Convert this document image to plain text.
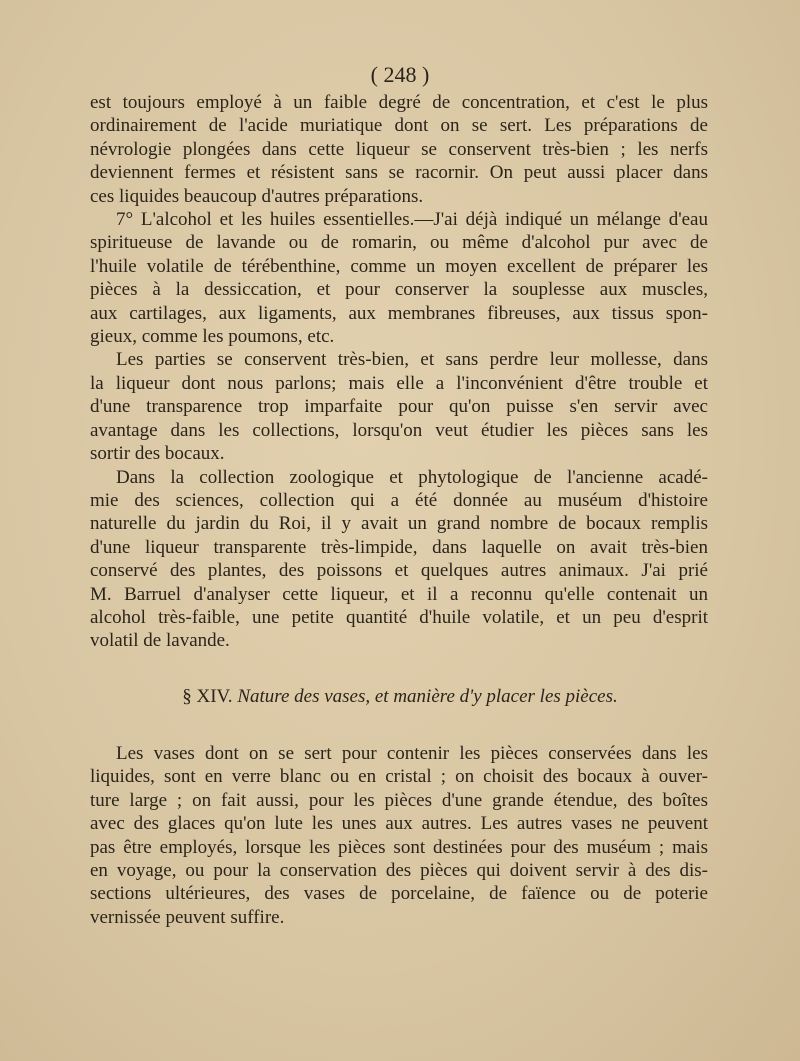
( 248 )
est toujours employé à un faible degré de concentration, et c'est le plus
ordinairement de l'acide muriatique dont on se sert. Les préparations de
névrologie plongées dans cette liqueur se conservent très-bien ; les nerfs
deviennent fermes et résistent sans se racornir. On peut aussi placer dans
ces liquides beaucoup d'autres préparations.
7° L'alcohol et les huiles essentielles.—J'ai déjà indiqué un mélange d'eau
spiritueuse de lavande ou de romarin, ou même d'alcohol pur avec de
l'huile volatile de térébenthine, comme un moyen excellent de préparer les
pièces à la dessiccation, et pour conserver la souplesse aux muscles,
aux cartilages, aux ligaments, aux membranes fibreuses, aux tissus spon-
gieux, comme les poumons, etc.
Les parties se conservent très-bien, et sans perdre leur mollesse, dans
la liqueur dont nous parlons; mais elle a l'inconvénient d'être trouble et
d'une transparence trop imparfaite pour qu'on puisse s'en servir avec
avantage dans les collections, lorsqu'on veut étudier les pièces sans les
sortir des bocaux.
Dans la collection zoologique et phytologique de l'ancienne acadé-
mie des sciences, collection qui a été donnée au muséum d'histoire
naturelle du jardin du Roi, il y avait un grand nombre de bocaux remplis
d'une liqueur transparente très-limpide, dans laquelle on avait très-bien
conservé des plantes, des poissons et quelques autres animaux. J'ai prié
M. Barruel d'analyser cette liqueur, et il a reconnu qu'elle contenait un
alcohol très-faible, une petite quantité d'huile volatile, et un peu d'esprit
volatil de lavande.
§ XIV. Nature des vases, et manière d'y placer les pièces.
Les vases dont on se sert pour contenir les pièces conservées dans les
liquides, sont en verre blanc ou en cristal ; on choisit des bocaux à ouver-
ture large ; on fait aussi, pour les pièces d'une grande étendue, des boîtes
avec des glaces qu'on lute les unes aux autres. Les autres vases ne peuvent
pas être employés, lorsque les pièces sont destinées pour des muséum ; mais
en voyage, ou pour la conservation des pièces qui doivent servir à des dis-
sections ultérieures, des vases de porcelaine, de faïence ou de poterie
vernissée peuvent suffire.
